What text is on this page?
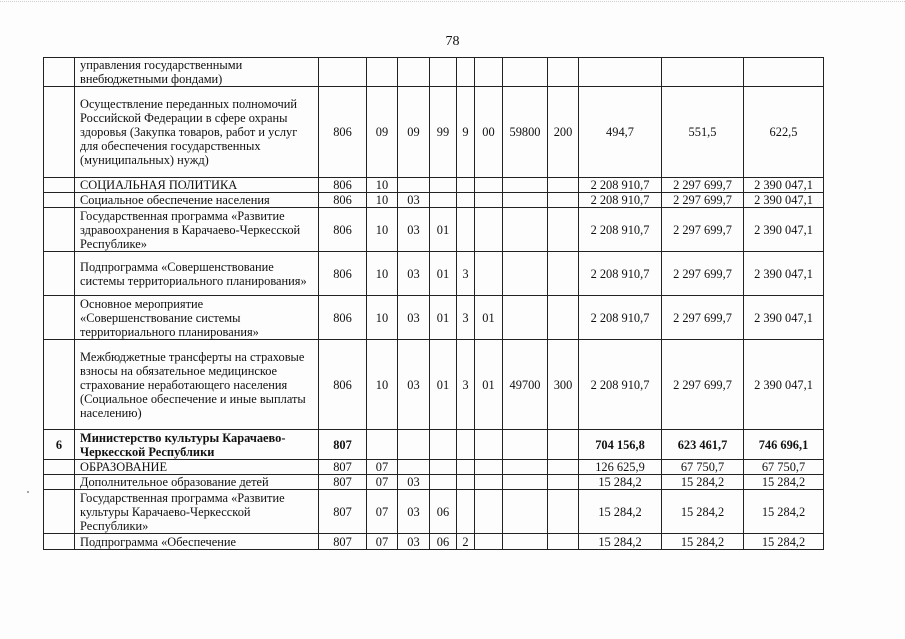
78
	управления государственными внебюджетными фондами)											
	Осуществление переданных полномочий Российской Федерации в сфере охраны здоровья (Закупка товаров, работ и услуг для обеспечения государственных (муниципальных) нужд)	806	09	09	99	9	00	59800	200	494,7	551,5	622,5
	СОЦИАЛЬНАЯ ПОЛИТИКА	806	10							2 208 910,7	2 297 699,7	2 390 047,1
	Социальное обеспечение населения	806	10	03						2 208 910,7	2 297 699,7	2 390 047,1
	Государственная программа «Развитие здравоохранения в Карачаево-Черкесской Республике»	806	10	03	01					2 208 910,7	2 297 699,7	2 390 047,1
	Подпрограмма «Совершенствование системы территориального планирования»	806	10	03	01	3				2 208 910,7	2 297 699,7	2 390 047,1
	Основное мероприятие «Совершенствование системы территориального планирования»	806	10	03	01	3	01			2 208 910,7	2 297 699,7	2 390 047,1
	Межбюджетные трансферты на страховые взносы на обязательное медицинское страхование неработающего населения (Социальное обеспечение и иные выплаты населению)	806	10	03	01	3	01	49700	300	2 208 910,7	2 297 699,7	2 390 047,1
6	Министерство культуры Карачаево-Черкесской Республики	807								704 156,8	623 461,7	746 696,1
	ОБРАЗОВАНИЕ	807	07							126 625,9	67 750,7	67 750,7
	Дополнительное образование детей	807	07	03						15 284,2	15 284,2	15 284,2
	Государственная программа «Развитие культуры Карачаево-Черкесской Республики»	807	07	03	06					15 284,2	15 284,2	15 284,2
	Подпрограмма «Обеспечение	807	07	03	06	2				15 284,2	15 284,2	15 284,2
